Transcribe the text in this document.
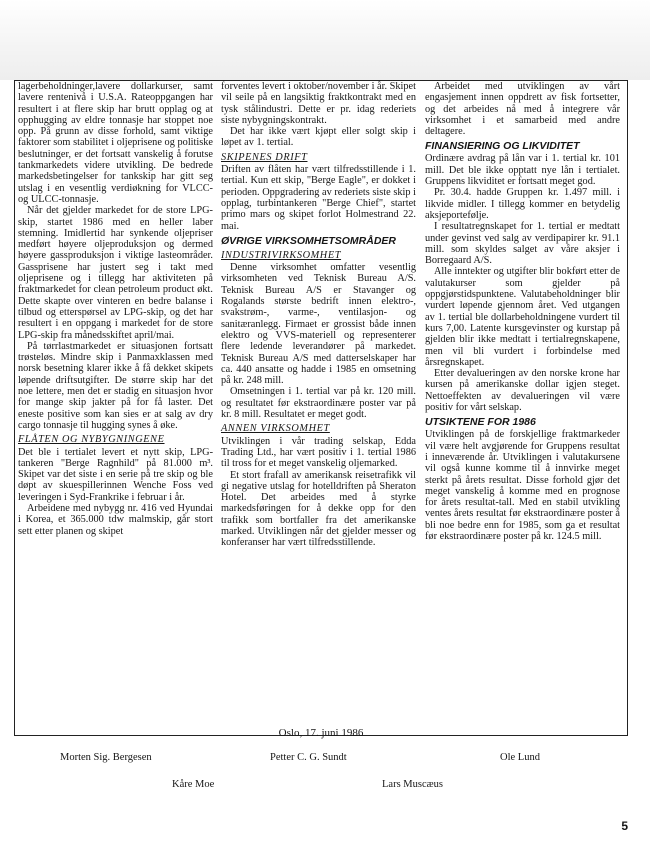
lagerbeholdninger,lavere dollarkurser, samt lavere rentenivå i U.S.A. Rateoppgangen har resultert i at flere skip har brutt opplag og at opphugging av eldre tonnasje har stoppet noe opp. På grunn av disse forhold, samt viktige faktorer som stabilitet i oljeprisene og politiske beslutninger, er det fortsatt vanskelig å forutse tankmarkedets videre utvikling. De bedrede markedsbetingelser for tankskip har gitt seg utslag i en vesentlig verdiøkning for VLCC- og ULCC-tonnasje.

Når det gjelder markedet for de store LPG-skip, startet 1986 med en heller laber stemning. Imidlertid har synkende oljepriser medført høyere oljeproduksjon og dermed høyere gassproduksjon i viktige lasteområder. Gassprisene har justert seg i takt med oljeprisene og i tillegg har aktiviteten på fraktmarkedet for clean petroleum product økt. Dette skapte over vinteren en bedre balanse i tilbud og etterspørsel av LPG-skip, og det har resultert i en oppgang i markedet for de store LPG-skip fra månedsskiftet april/mai.

På tørrlastmarkedet er situasjonen fortsatt trøsteløs. Mindre skip i Panmaxklassen med norsk besetning klarer ikke å få dekket skipets løpende driftsutgifter. De større skip har det noe lettere, men det er stadig en situasjon hvor for mange skip jakter på for få laster. Det eneste positive som kan sies er at salg av dry cargo tonnasje til hugging synes å øke.

FLÅTEN OG NYBYGNINGENE

Det ble i tertialet levert et nytt skip, LPG-tankeren "Berge Ragnhild" på 81.000 m³. Skipet var det siste i en serie på tre skip og ble døpt av skuespillerinnen Wenche Foss ved leveringen i Syd-Frankrike i februar i år.

Arbeidene med nybygg nr. 416 ved Hyundai i Korea, et 365.000 tdw malmskip, går stort sett etter planen og skipet

forventes levert i oktober/november i år. Skipet vil seile på en langsiktig fraktkontrakt med en tysk stålindustri. Dette er pr. idag rederiets siste nybygningskontrakt.

Det har ikke vært kjøpt eller solgt skip i løpet av 1. tertial.

SKIPENES DRIFT

Driften av flåten har vært tilfredsstillende i 1. tertial. Kun ett skip, "Berge Eagle", er dokket i perioden. Oppgradering av rederiets siste skip i opplag, turbintankeren "Berge Chief", startet primo mars og skipet forlot Holmestrand 22. mai.

ØVRIGE VIRKSOMHETSOMRÅDER
INDUSTRIVIRKSOMHET

Denne virksomhet omfatter vesentlig virksomheten ved Teknisk Bureau A/S. Teknisk Bureau A/S er Stavanger og Rogalands største bedrift innen elektro-, svakstrøm-, varme-, ventilasjon- og sanitæranlegg. Firmaet er grossist både innen elektro og VVS-materiell og representerer flere ledende leverandører på markedet. Teknisk Bureau A/S med datterselskaper har ca. 440 ansatte og hadde i 1985 en omsetning på kr. 248 mill.

Omsetningen i 1. tertial var på kr. 120 mill. og resultatet før ekstraordinære poster var på kr. 8 mill. Resultatet er meget godt.

ANNEN VIRKSOMHET

Utviklingen i vår trading selskap, Edda Trading Ltd., har vært positiv i 1. tertial 1986 til tross for et meget vanskelig oljemarked.

Et stort frafall av amerikansk reisetrafikk vil gi negative utslag for hotelldriften på Sheraton Hotel. Det arbeides med å styrke markedsføringen for å dekke opp for den trafikk som bortfaller fra det amerikanske marked. Utviklingen når det gjelder messer og konferanser har vært tilfredsstillende.

Arbeidet med utviklingen av vårt engasjement innen oppdrett av fisk fortsetter, og det arbeides nå med å integrere vår virksomhet i et samarbeid med andre deltagere.

FINANSIERING OG LIKVIDITET

Ordinære avdrag på lån var i 1. tertial kr. 101 mill. Det ble ikke opptatt nye lån i tertialet. Gruppens likviditet er fortsatt meget god.

Pr. 30.4. hadde Gruppen kr. 1.497 mill. i likvide midler. I tillegg kommer en betydelig aksjeportefølje.

I resultatregnskapet for 1. tertial er medtatt under gevinst ved salg av verdipapirer kr. 91.1 mill. som skyldes salget av våre aksjer i Borregaard A/S.

Alle inntekter og utgifter blir bokført etter de valutakurser som gjelder på oppgjørstidspunktene. Valutabeholdninger blir vurdert løpende gjennom året. Ved utgangen av 1. tertial ble dollarbeholdningene vurdert til kurs 7,00. Latente kursgevinster og kurstap på gjelden blir ikke medtatt i tertialregnskapene, men vil bli vurdert i forbindelse med årsregnskapet.

Etter devalueringen av den norske krone har kursen på amerikanske dollar igjen steget. Nettoeffekten av devalueringen vil være positiv for vårt selskap.

UTSIKTENE FOR 1986

Utviklingen på de forskjellige fraktmarkeder vil være helt avgjørende for Gruppens resultat i inneværende år. Utviklingen i valutakursene vil også kunne komme til å innvirke meget sterkt på årets resultat. Disse forhold gjør det meget vanskelig å komme med en prognose for årets resultat-tall. Med en stabil utvikling ventes årets resultat før ekstraordinære poster å bli noe bedre enn for 1985, som ga et resultat før ekstraordinære poster på kr. 124.5 mill.

Oslo, 17. juni 1986
Morten Sig. Bergesen	Petter C. G. Sundt	Ole Lund
Kåre Moe	Lars Muscæus
5
